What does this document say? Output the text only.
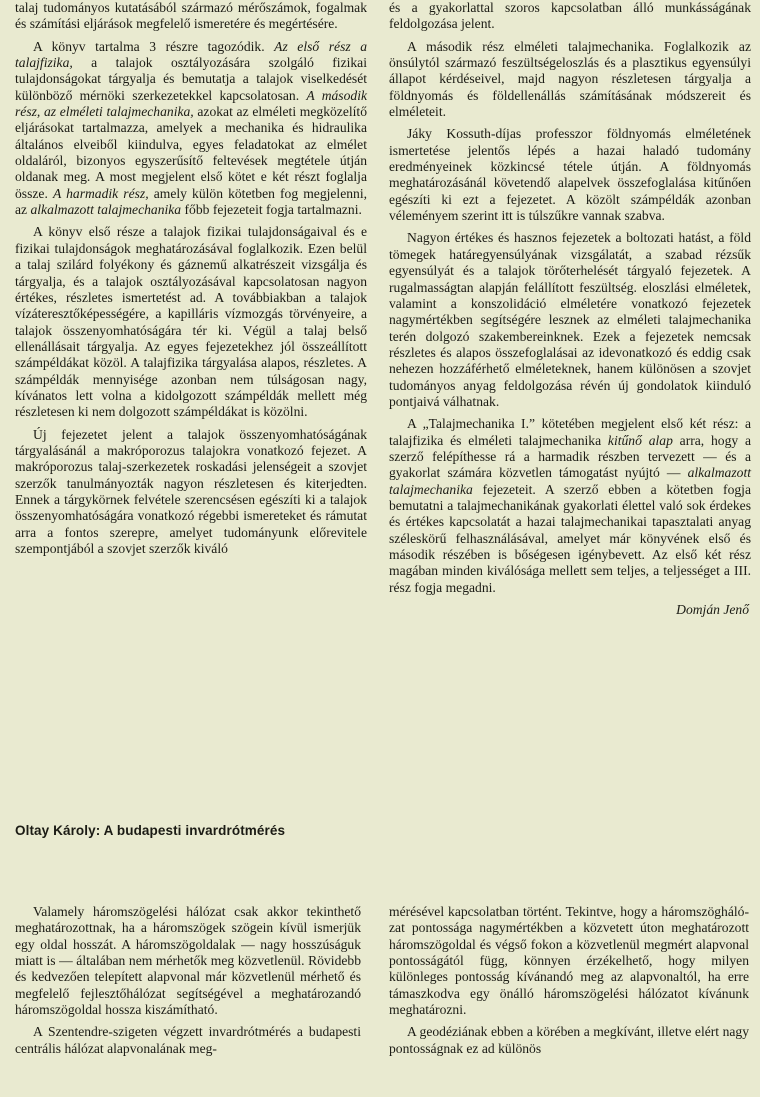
talaj tudományos kutatásából származó mérőszámok, fogalmak és számítási eljárások megfelelő ismeretére és megértésére.

A könyv tartalma 3 részre tagozódik. Az első rész a talajfizika, a talajok osztályozására szolgáló fizikai tulajdonságokat tárgyalja és bemutatja a talajok viselkedését különböző mérnöki szerkezetekkel kapcsolatosan. A második rész, az elméleti talajmechanika, azokat az elméleti megközelítő eljárásokat tartalmazza, amelyek a mechanika és hidraulika általános elveiből kiindulva, egyes feladatokat az elmélet oldaláról, bizonyos egyszerűsítő feltevések megtétele útján oldanak meg. A most megjelent első kötet e két részt foglalja össze. A harmadik rész, amely külön kötetben fog megjelenni, az alkalmazott talajmechanika főbb fejezeteit fogja tartalmazni.

A könyv első része a talajok fizikai tulajdonságaival és e fizikai tulajdonságok meghatározásával foglalkozik. Ezen belül a talaj szilárd folyékony és gáznemű alkatrészeit vizsgálja és tárgyalja, és a talajok osztályozásával kapcsolatosan nagyon értékes, részletes ismertetést ad. A továbbiakban a talajok vízáteresztőképességére, a kapilláris vízmozgás törvényeire, a talajok összenyomhatóságára tér ki. Végül a talaj belső ellenállásait tárgyalja. Az egyes fejezetekhez jól összeállított számpéldákat közöl. A talajfizika tárgyalása alapos, részletes. A számpéldák mennyisége azonban nem túlságosan nagy, kívánatos lett volna a kidolgozott számpéldák mellett még részletesen ki nem dolgozott számpéldákat is közölni.

Új fejezetet jelent a talajok összenyomhatóságának tárgyalásánál a makróporozus talajokra vonatkozó fejezet. A makróporozus talaj-szerkezetek roskadási jelenségeit a szovjet szerzők tanulmányozták nagyon részletesen és kiterjedten. Ennek a tárgykörnek felvétele szerencsésen egészíti ki a talajok összenyomhatóságára vonatkozó régebbi ismereteket és rámutat arra a fontos szerepre, amelyet tudományunk előrevitele szempontjából a szovjet szerzők kiváló

és a gyakorlattal szoros kapcsolatban álló munkásságának feldolgozása jelent.

A második rész elméleti talajmechanika. Foglalkozik az önsúlytól származó feszültségeloszlás és a plasztikus egyensúlyi állapot kérdéseivel, majd nagyon részletesen tárgyalja a földnyomás és földellenállás számításának módszereit és elméleteit.

Jáky Kossuth-díjas professzor földnyomás elméletének ismertetése jelentős lépés a hazai haladó tudomány eredményeinek közkincsé tétele útján. A földnyomás meghatározásánál követendő alapelvek összefoglalása kitűnően egészíti ki ezt a fejezetet. A közölt számpéldák azonban véleményem szerint itt is túlszűkre vannak szabva.

Nagyon értékes és hasznos fejezetek a boltozati hatást, a föld tömegek határegyensúlyának vizsgálatát, a szabad rézsűk egyensúlyát és a talajok törőterhelését tárgyaló fejezetek. A rugalmasságtan alapján felállított feszültség. eloszlási elméletek, valamint a konszolidáció elméletére vonatkozó fejezetek nagymértékben segítségére lesznek az elméleti talajmechanika terén dolgozó szakembereinknek. Ezek a fejezetek nemcsak részletes és alapos összefoglalásai az idevonatkozó és eddig csak nehezen hozzáférhető elméleteknek, hanem különösen a szovjet tudományos anyag feldolgozása révén új gondolatok kiinduló pontjaivá válhatnak.

A „Talajmechanika I.” kötetében megjelent első két rész: a talajfizika és elméleti talajmechanika kitűnő alap arra, hogy a szerző felépíthesse rá a harmadik részben tervezett — és a gyakorlat számára közvetlen támogatást nyújtó — alkalmazott talajmechanika fejezeteit. A szerző ebben a kötetben fogja bemutatni a talajmechanikának gyakorlati élettel való sok érdekes és értékes kapcsolatát a hazai talajmechanikai tapasztalati anyag széleskörű felhasználásával, amelyet már könyvének első és második részében is bőségesen igénybevett. Az első két rész magában minden kiválósága mellett sem teljes, a teljességet a III. rész fogja megadni.

Domján Jenő

Oltay Károly: A budapesti invardrótmérés

Valamely háromszögelési hálózat csak akkor tekinthető meghatározottnak, ha a háromszögek szögein kívül ismerjük egy oldal hosszát. A háromszögoldalak — nagy hosszúságuk miatt is — általában nem mérhetők meg közvetlenül. Rövidebb és kedvezően telepített alapvonal már közvetlenül mérhető és megfelelő fejlesztőhálózat segítségével a meghatározandó háromszögoldal hossza kiszámítható.

A Szentendre-szigeten végzett invardrótmérés a budapesti centrális hálózat alapvonalának meg-

mérésével kapcsolatban történt. Tekintve, hogy a háromszöghálózat pontossága nagymértékben a közvetett úton meghatározott háromszögoldal és végső fokon a közvetlenül megmért alapvonal pontosságától függ, könnyen érzékelhető, hogy milyen különleges pontosság kívánandó meg az alapvonaltól, ha erre támaszkodva egy önálló háromszögelési hálózatot kívánunk meghatározni.

A geodéziának ebben a körében a megkívánt, illetve elért nagy pontosságnak ez ad különös
